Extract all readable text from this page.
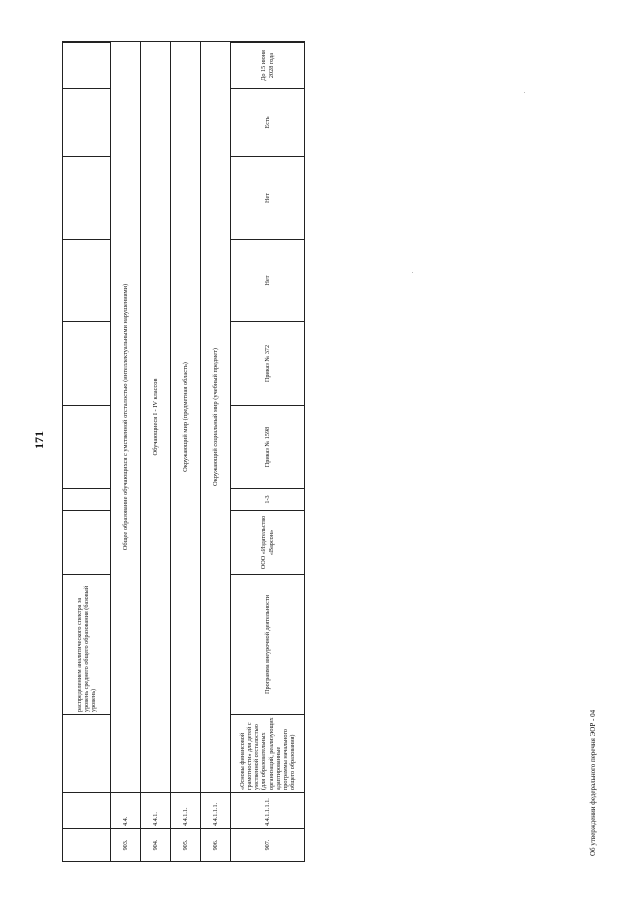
171
			распределением аналитического спектра за уровень среднего общего образования (базовый уровень)									
903.	4.4.	Общее образование обучающихся с умственной отсталостью (интеллектуальными нарушениями)										
904.	4.4.1.	Обучающиеся I - IV классов										
905.	4.4.1.1.	Окружающий мир (предметная область)										
906.	4.4.1.1.1.	Окружающий социальный мир (учебный предмет)										
907.	4.4.1.1.1.1.	«Основы финансовой грамотности» для детей с умственной отсталостью (для образовательных организаций, реализующих адаптированные программы начального общего образования)	Программа внеурочной деятельности	ООО «Издательство «Варсон»	1-3	Приказ № 1598	Приказ № 372	Нет	Нет	Есть	До 15 июня 2028 года	
Об утверждении федерального перечня ЭОР - 04
